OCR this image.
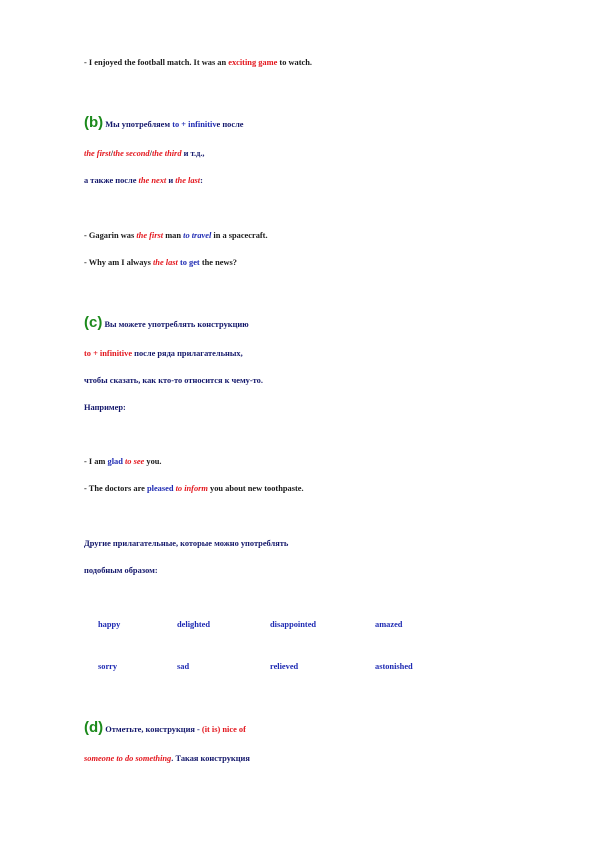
- I enjoyed the football match. It was an exciting game to watch.
(b) Мы употребляем to + infinitive после
the first/the second/the third и т.д.,
а также после the next и the last:
- Gagarin was the first man to travel in a spacecraft.
- Why am I always the last to get the news?
(c) Вы можете употреблять конструкцию
to + infinitive после ряда прилагательных,
чтобы сказать, как кто-то относится к чему-то.
Например:
- I am glad to see you.
- The doctors are pleased to inform you about new toothpaste.
Другие прилагательные, которые можно употреблять
подобным образом:
happy	delighted	disappointed	amazed
sorry	sad	relieved	astonished
(d) Отметьте, конструкция - (it is) nice of
someone to do something. Такая конструкция
